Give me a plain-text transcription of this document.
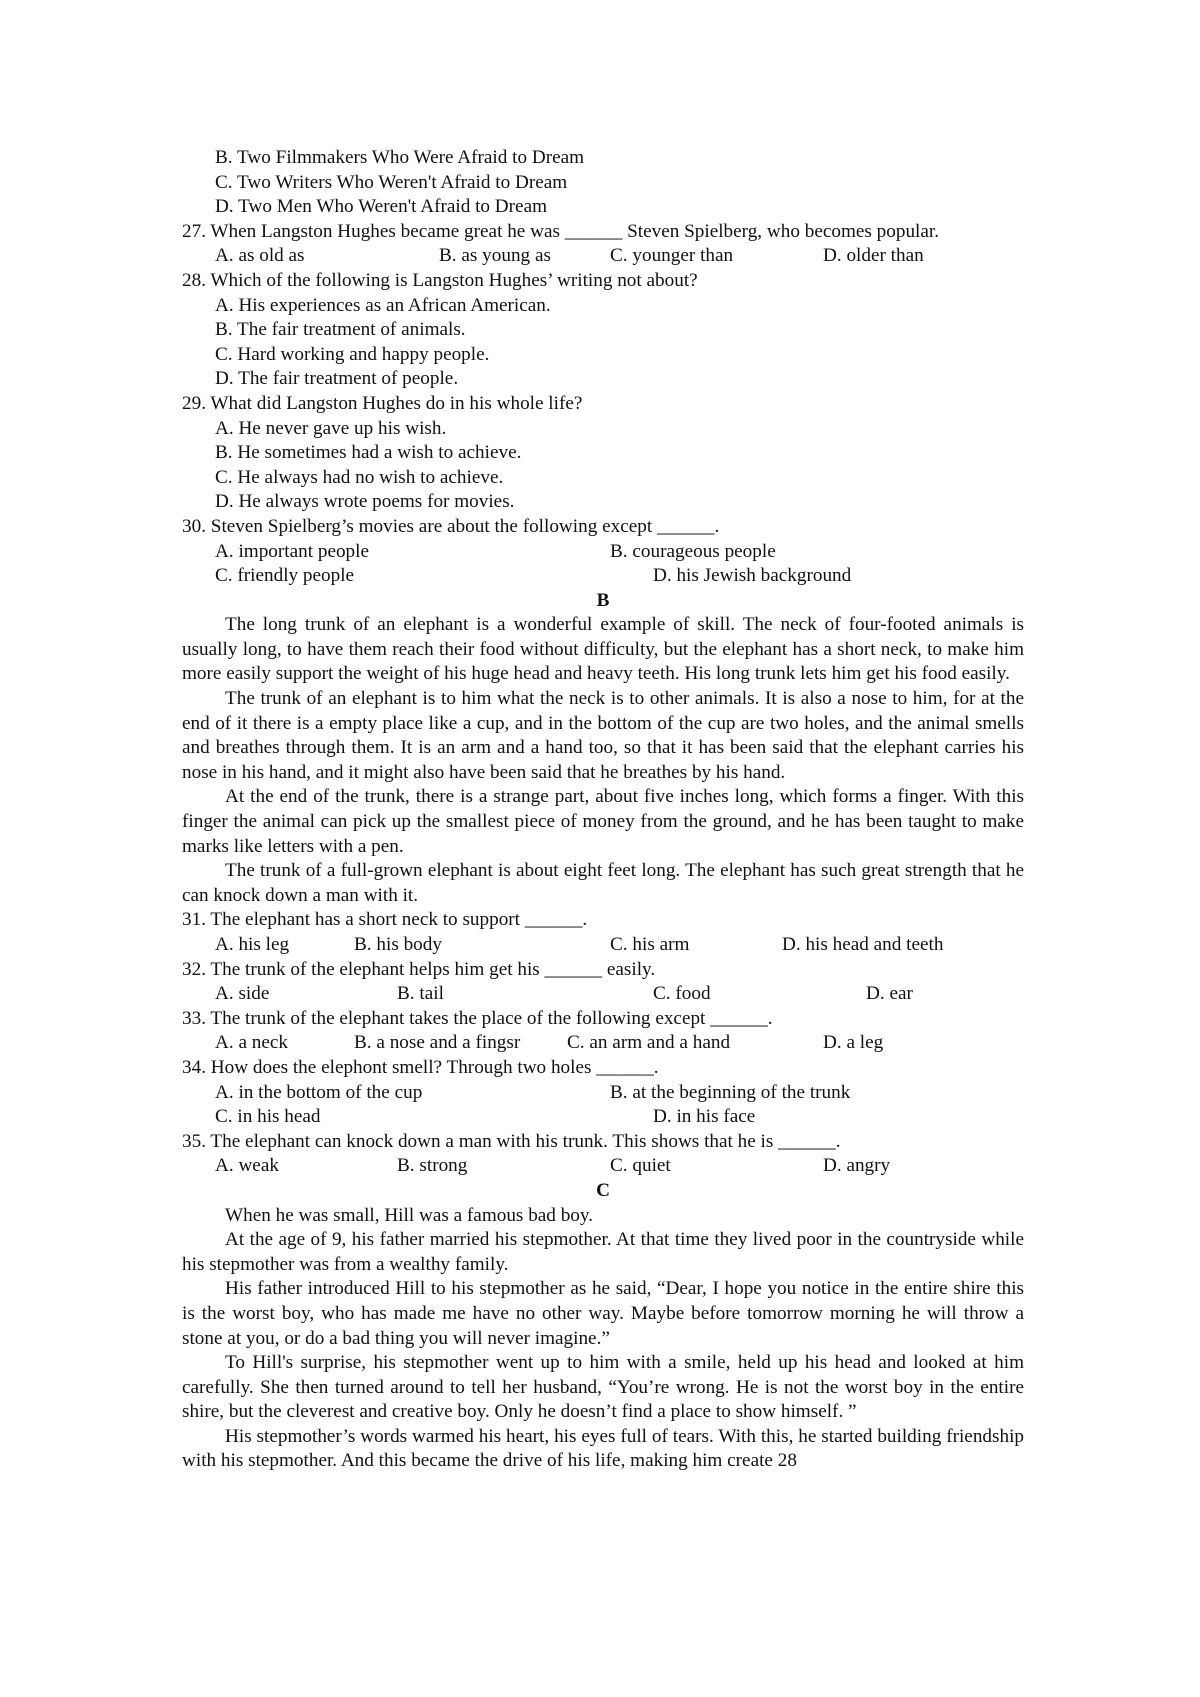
B. Two Filmmakers Who Were Afraid to Dream
C. Two Writers Who Weren't Afraid to Dream
D. Two Men Who Weren't Afraid to Dream
27. When Langston Hughes became great he was ______ Steven Spielberg, who becomes popular.
A. as old as	B. as young as	C. younger than	D. older than
28. Which of the following is Langston Hughes’ writing not about?
A. His experiences as an African American.
B. The fair treatment of animals.
C. Hard working and happy people.
D. The fair treatment of people.
29. What did Langston Hughes do in his whole life?
A. He never gave up his wish.
B. He sometimes had a wish to achieve.
C. He always had no wish to achieve.
D. He always wrote poems for movies.
30. Steven Spielberg’s movies are about the following except ______.
A. important people	B. courageous people
C. friendly people	D. his Jewish background
B

The long trunk of an elephant is a wonderful example of skill. The neck of four-footed animals is usually long, to have them reach their food without difficulty, but the elephant has a short neck, to make him more easily support the weight of his huge head and heavy teeth. His long trunk lets him get his food easily.

The trunk of an elephant is to him what the neck is to other animals. It is also a nose to him, for at the end of it there is a empty place like a cup, and in the bottom of the cup are two holes, and the animal smells and breathes through them. It is an arm and a hand too, so that it has been said that the elephant carries his nose in his hand, and it might also have been said that he breathes by his hand.

At the end of the trunk, there is a strange part, about five inches long, which forms a finger. With this finger the animal can pick up the smallest piece of money from the ground, and he has been taught to make marks like letters with a pen.

The trunk of a full-grown elephant is about eight feet long. The elephant has such great strength that he can knock down a man with it.

31. The elephant has a short neck to support ______.
A. his leg	B. his body	C. his arm	D. his head and teeth
32. The trunk of the elephant helps him get his ______ easily.
A. side	B. tail	C. food	D. ear
33. The trunk of the elephant takes the place of the following except ______.
A. a neck	B. a nose and a fingsr C. an arm and a hand	D. a leg
34. How does the elephont smell? Through two holes ______.
A. in the bottom of the cup	B. at the beginning of the trunk
C. in his head	D. in his face
35. The elephant can knock down a man with his trunk. This shows that he is ______.
A. weak	B. strong	C. quiet	D. angry
C

When he was small, Hill was a famous bad boy.

At the age of 9, his father married his stepmother. At that time they lived poor in the countryside while his stepmother was from a wealthy family.

His father introduced Hill to his stepmother as he said, “Dear, I hope you notice in the entire shire this is the worst boy, who has made me have no other way. Maybe before tomorrow morning he will throw a stone at you, or do a bad thing you will never imagine.”

To Hill's surprise, his stepmother went up to him with a smile, held up his head and looked at him carefully. She then turned around to tell her husband, “You’re wrong. He is not the worst boy in the entire shire, but the cleverest and creative boy. Only he doesn’t find a place to show himself. ”

His stepmother’s words warmed his heart, his eyes full of tears. With this, he started building friendship with his stepmother. And this became the drive of his life, making him create 28
